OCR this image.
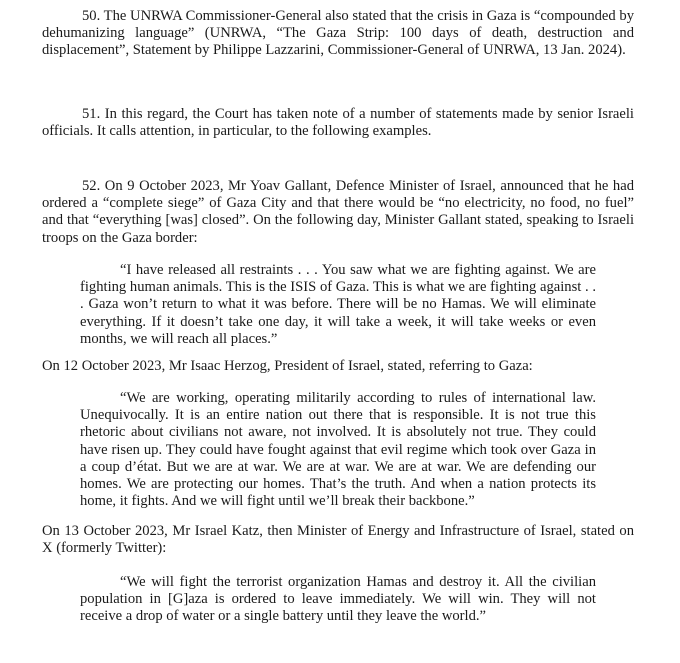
50. The UNRWA Commissioner-General also stated that the crisis in Gaza is “compounded by dehumanizing language” (UNRWA, “The Gaza Strip: 100 days of death, destruction and displacement”, Statement by Philippe Lazzarini, Commissioner-General of UNRWA, 13 Jan. 2024).

51. In this regard, the Court has taken note of a number of statements made by senior Israeli officials. It calls attention, in particular, to the following examples.

52. On 9 October 2023, Mr Yoav Gallant, Defence Minister of Israel, announced that he had ordered a “complete siege” of Gaza City and that there would be “no electricity, no food, no fuel” and that “everything [was] closed”. On the following day, Minister Gallant stated, speaking to Israeli troops on the Gaza border:

“I have released all restraints . . . You saw what we are fighting against. We are fighting human animals. This is the ISIS of Gaza. This is what we are fighting against . . . Gaza won’t return to what it was before. There will be no Hamas. We will eliminate everything. If it doesn’t take one day, it will take a week, it will take weeks or even months, we will reach all places.”

On 12 October 2023, Mr Isaac Herzog, President of Israel, stated, referring to Gaza:

“We are working, operating militarily according to rules of international law. Unequivocally. It is an entire nation out there that is responsible. It is not true this rhetoric about civilians not aware, not involved. It is absolutely not true. They could have risen up. They could have fought against that evil regime which took over Gaza in a coup d’état. But we are at war. We are at war. We are at war. We are defending our homes. We are protecting our homes. That’s the truth. And when a nation protects its home, it fights. And we will fight until we’ll break their backbone.”

On 13 October 2023, Mr Israel Katz, then Minister of Energy and Infrastructure of Israel, stated on X (formerly Twitter):

“We will fight the terrorist organization Hamas and destroy it. All the civilian population in [G]aza is ordered to leave immediately. We will win. They will not receive a drop of water or a single battery until they leave the world.”
